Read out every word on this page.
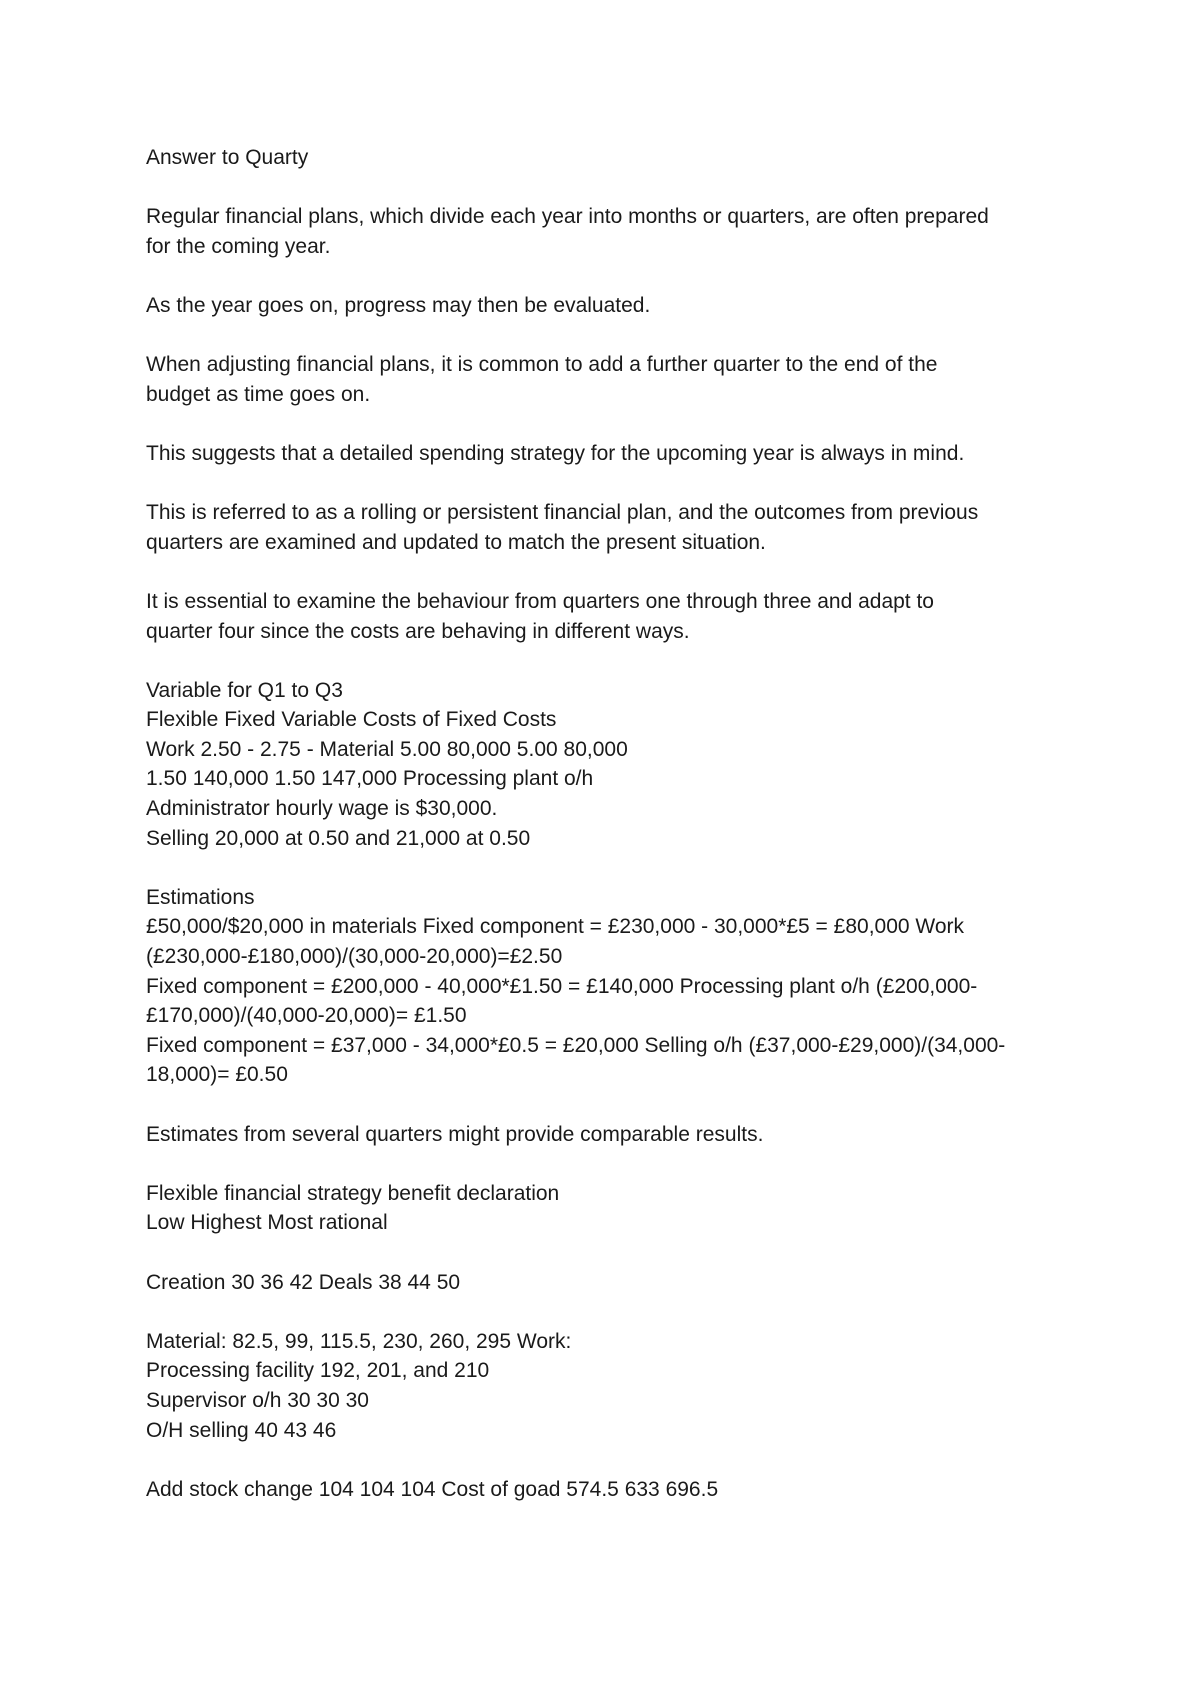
Answer to Quarty

Regular financial plans, which divide each year into months or quarters, are often prepared
for the coming year.

As the year goes on, progress may then be evaluated.

When adjusting financial plans, it is common to add a further quarter to the end of the
budget as time goes on.

This suggests that a detailed spending strategy for the upcoming year is always in mind.

This is referred to as a rolling or persistent financial plan, and the outcomes from previous
quarters are examined and updated to match the present situation.

It is essential to examine the behaviour from quarters one through three and adapt to
quarter four since the costs are behaving in different ways.

Variable for Q1 to Q3
Flexible Fixed Variable Costs of Fixed Costs
Work 2.50 - 2.75 - Material 5.00 80,000 5.00 80,000
1.50 140,000 1.50 147,000 Processing plant o/h
Administrator hourly wage is $30,000.
Selling 20,000 at 0.50 and 21,000 at 0.50

Estimations
£50,000/$20,000 in materials Fixed component = £230,000 - 30,000*£5 = £80,000 Work
(£230,000-£180,000)/(30,000-20,000)=£2.50
Fixed component = £200,000 - 40,000*£1.50 = £140,000 Processing plant o/h (£200,000-
£170,000)/(40,000-20,000)= £1.50
Fixed component = £37,000 - 34,000*£0.5 = £20,000 Selling o/h (£37,000-£29,000)/(34,000-
18,000)= £0.50

Estimates from several quarters might provide comparable results.

Flexible financial strategy benefit declaration
Low Highest Most rational

Creation 30 36 42 Deals 38 44 50

Material: 82.5, 99, 115.5, 230, 260, 295 Work:
Processing facility 192, 201, and 210
Supervisor o/h 30 30 30
O/H selling 40 43 46

Add stock change 104 104 104 Cost of goad 574.5 633 696.5
